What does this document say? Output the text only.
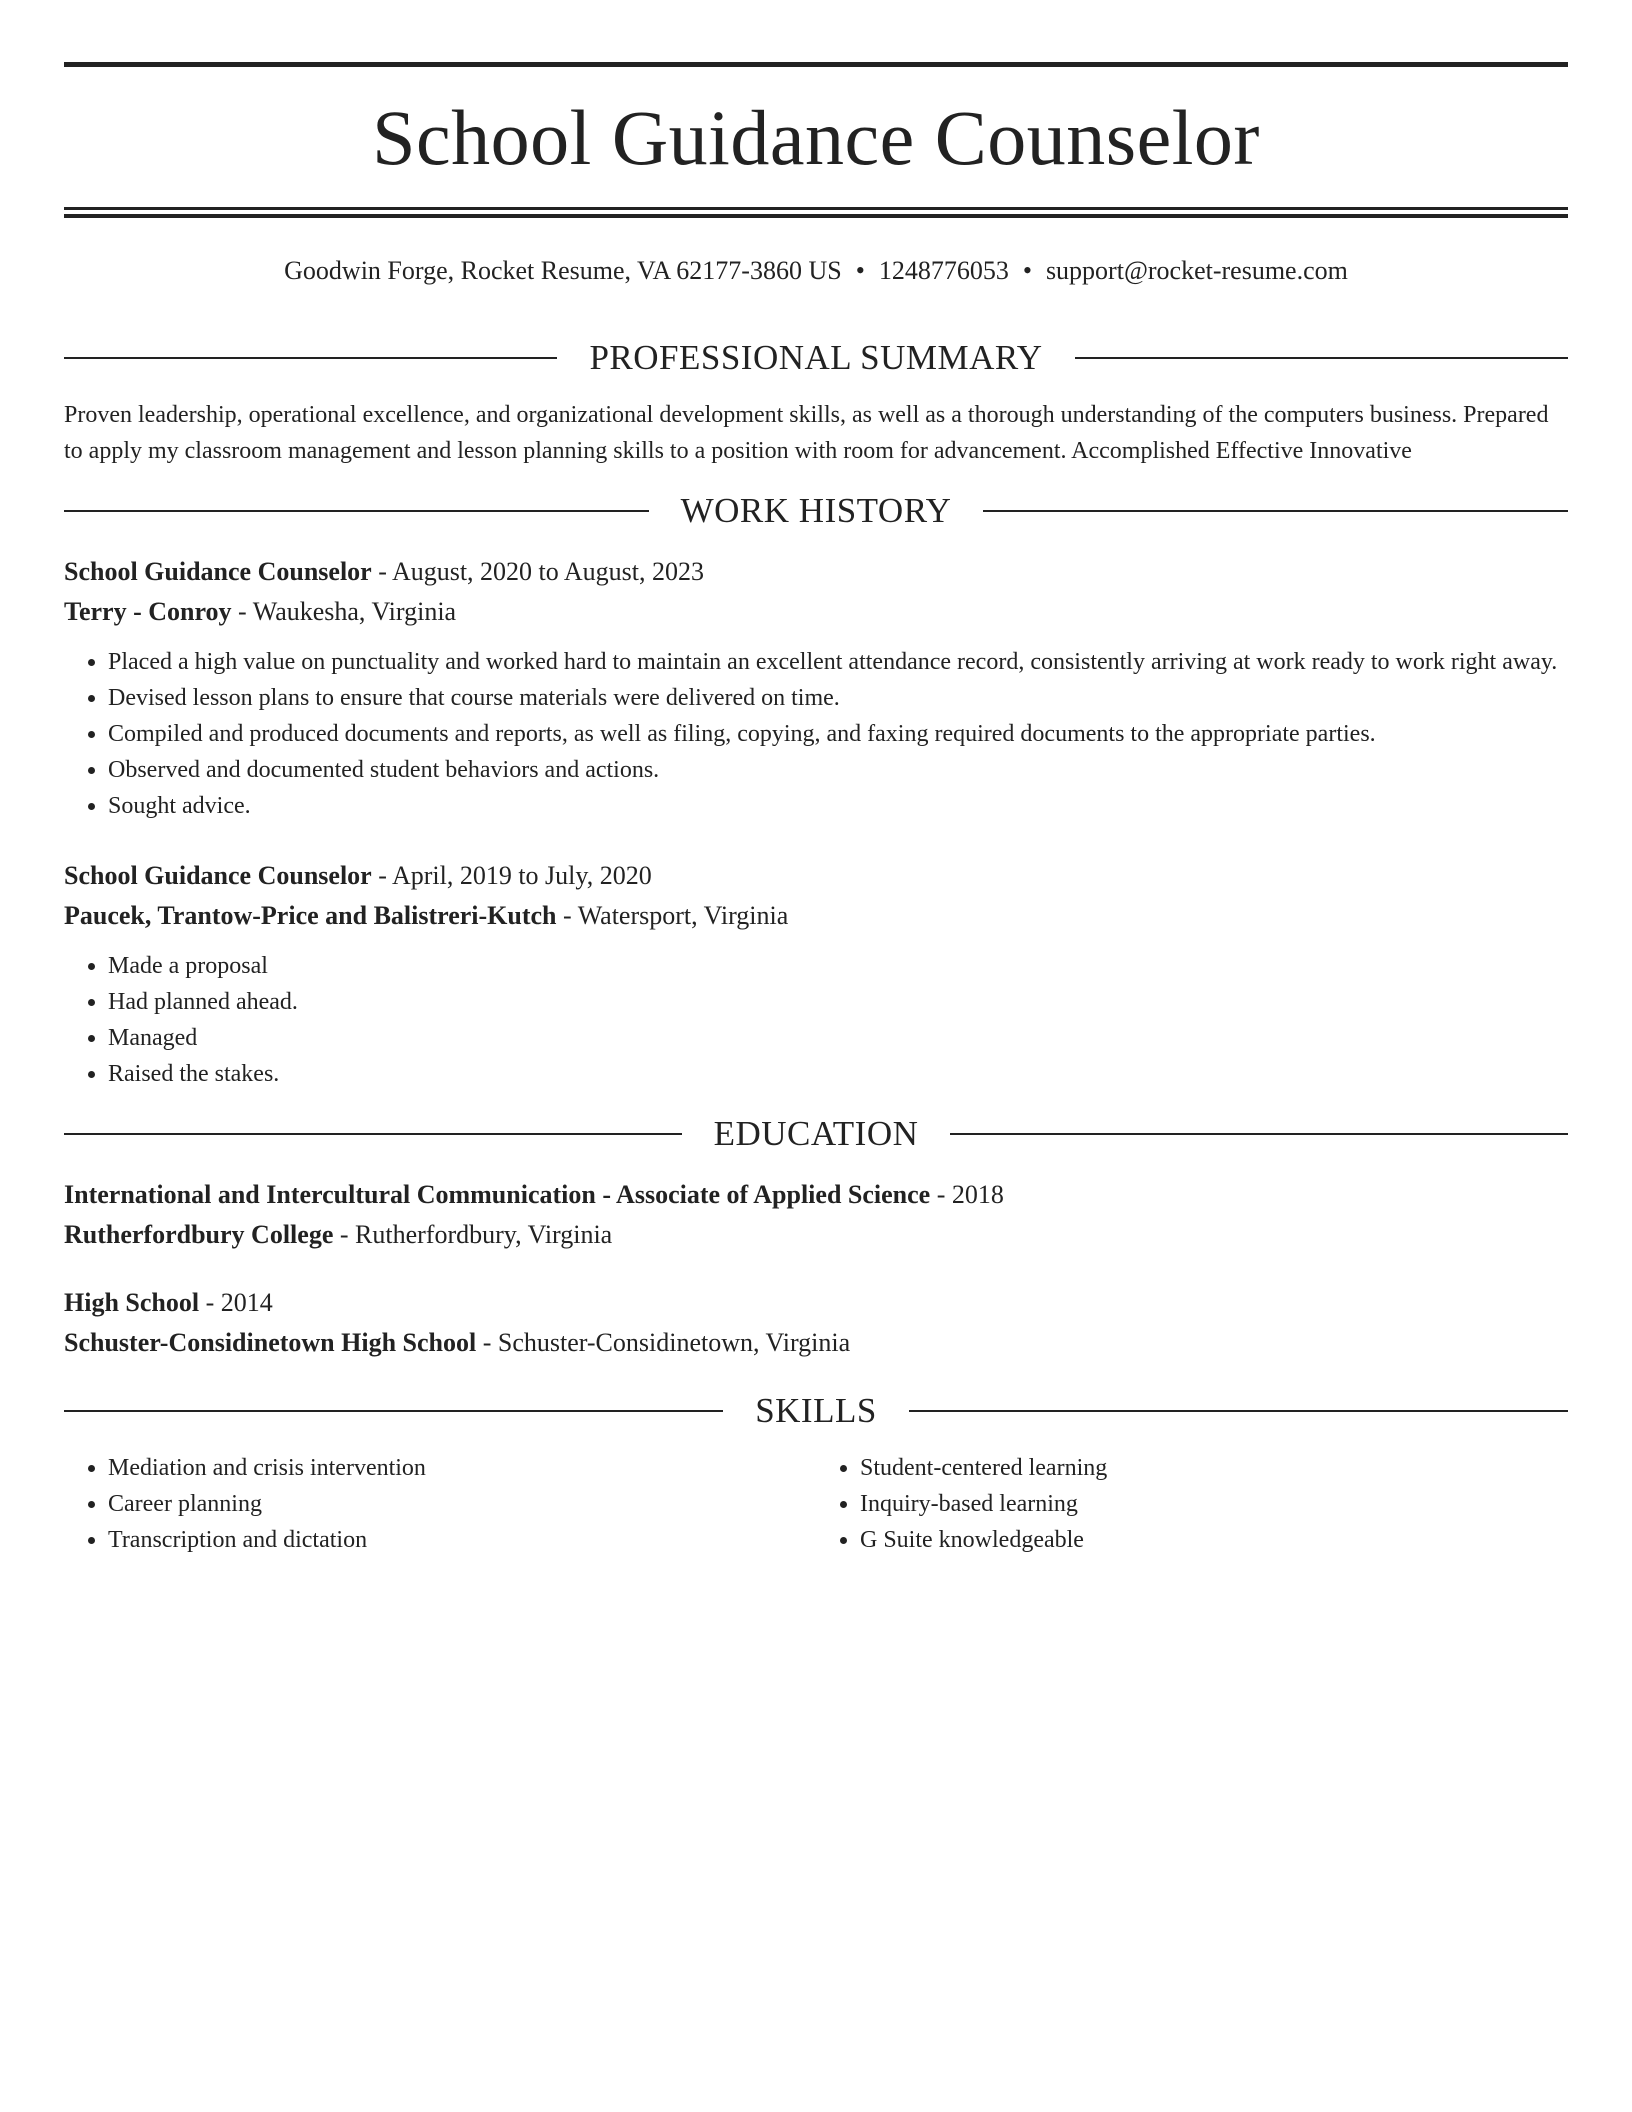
School Guidance Counselor
Goodwin Forge, Rocket Resume, VA 62177-3860 US • 1248776053 • support@rocket-resume.com
PROFESSIONAL SUMMARY

Proven leadership, operational excellence, and organizational development skills, as well as a thorough understanding of the computers business. Prepared to apply my classroom management and lesson planning skills to a position with room for advancement. Accomplished Effective Innovative

WORK HISTORY

School Guidance Counselor - August, 2020 to August, 2023

Terry - Conroy - Waukesha, Virginia

• Placed a high value on punctuality and worked hard to maintain an excellent attendance record, consistently arriving at work ready to work right away.
• Devised lesson plans to ensure that course materials were delivered on time.
• Compiled and produced documents and reports, as well as filing, copying, and faxing required documents to the appropriate parties.
• Observed and documented student behaviors and actions.
• Sought advice.

School Guidance Counselor - April, 2019 to July, 2020

Paucek, Trantow-Price and Balistreri-Kutch - Watersport, Virginia

• Made a proposal
• Had planned ahead.
• Managed
• Raised the stakes.
EDUCATION

International and Intercultural Communication - Associate of Applied Science - 2018

Rutherfordbury College - Rutherfordbury, Virginia

High School - 2014

Schuster-Considinetown High School - Schuster-Considinetown, Virginia

SKILLS
• Mediation and crisis intervention
• Career planning
• Transcription and dictation
• Student-centered learning
• Inquiry-based learning
• G Suite knowledgeable
